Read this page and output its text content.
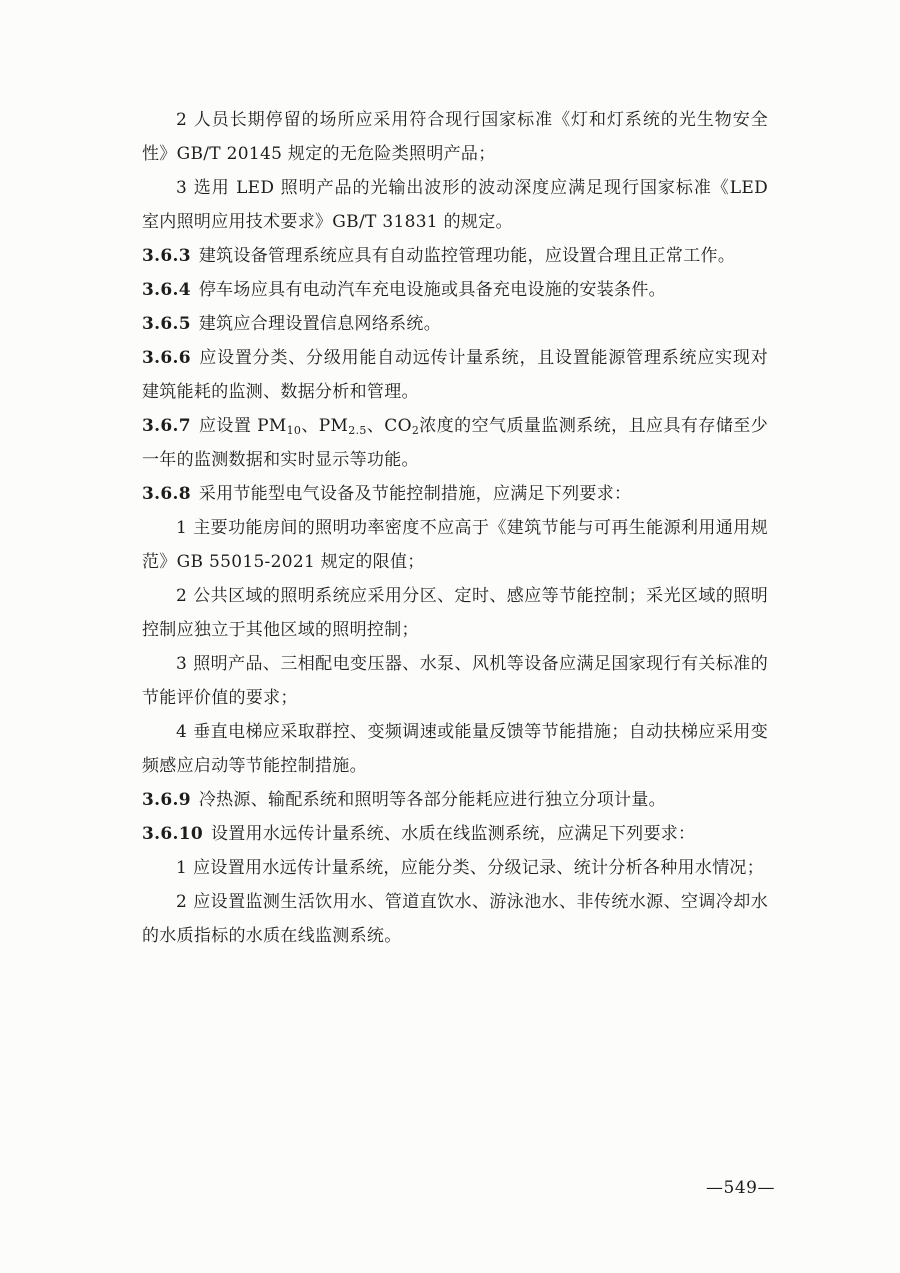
2 人员长期停留的场所应采用符合现行国家标准《灯和灯系统的光生物安全性》GB/T 20145 规定的无危险类照明产品；

3 选用 LED 照明产品的光输出波形的波动深度应满足现行国家标准《LED 室内照明应用技术要求》GB/T 31831 的规定。

3.6.3 建筑设备管理系统应具有自动监控管理功能，应设置合理且正常工作。

3.6.4 停车场应具有电动汽车充电设施或具备充电设施的安装条件。

3.6.5 建筑应合理设置信息网络系统。

3.6.6 应设置分类、分级用能自动远传计量系统，且设置能源管理系统应实现对建筑能耗的监测、数据分析和管理。

3.6.7 应设置 $PM_{10}$、$PM_{2.5}$、$CO_2$浓度的空气质量监测系统，且应具有存储至少一年的监测数据和实时显示等功能。

3.6.8 采用节能型电气设备及节能控制措施，应满足下列要求：

1 主要功能房间的照明功率密度不应高于《建筑节能与可再生能源利用通用规范》GB 55015-2021 规定的限值；

2 公共区域的照明系统应采用分区、定时、感应等节能控制；采光区域的照明控制应独立于其他区域的照明控制；

3 照明产品、三相配电变压器、水泵、风机等设备应满足国家现行有关标准的节能评价值的要求；

4 垂直电梯应采取群控、变频调速或能量反馈等节能措施；自动扶梯应采用变频感应启动等节能控制措施。

3.6.9 冷热源、输配系统和照明等各部分能耗应进行独立分项计量。

3.6.10 设置用水远传计量系统、水质在线监测系统，应满足下列要求：

1 应设置用水远传计量系统，应能分类、分级记录、统计分析各种用水情况；

2 应设置监测生活饮用水、管道直饮水、游泳池水、非传统水源、空调冷却水的水质指标的水质在线监测系统。

—549—
